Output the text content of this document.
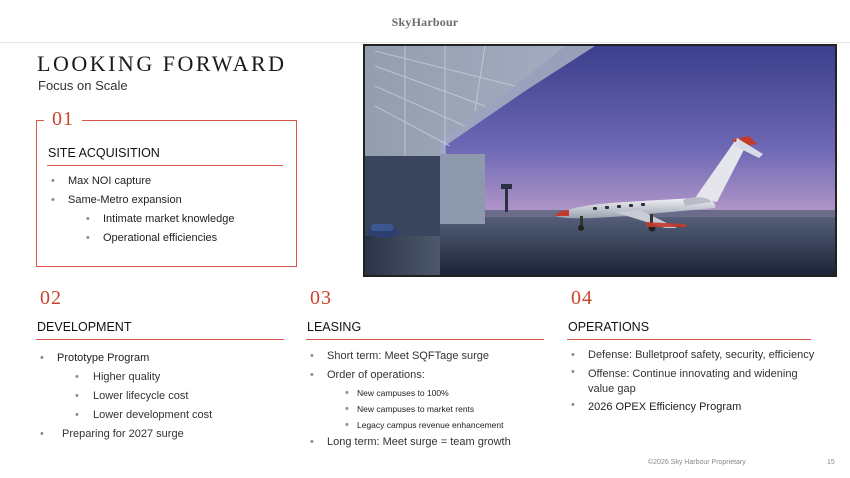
SkyHarbour
LOOKING FORWARD
Focus on Scale
01
SITE ACQUISITION
• Max NOI capture
• Same-Metro expansion
• Intimate market knowledge
• Operational efficiencies
02
DEVELOPMENT
• Prototype Program
• Higher quality
• Lower lifecycle cost
• Lower development cost
• Preparing for 2027 surge
03
LEASING
• Short term: Meet SQFTage surge
• Order of operations:
• New campuses to 100%
• New campuses to market rents
• Legacy campus revenue enhancement
• Long term: Meet surge = team growth
04
OPERATIONS
• Defense: Bulletproof safety, security, efficiency
• Offense: Continue innovating and widening
value gap
• 2026 OPEX Efficiency Program
©2026 Sky Harbour Proprietary	15
